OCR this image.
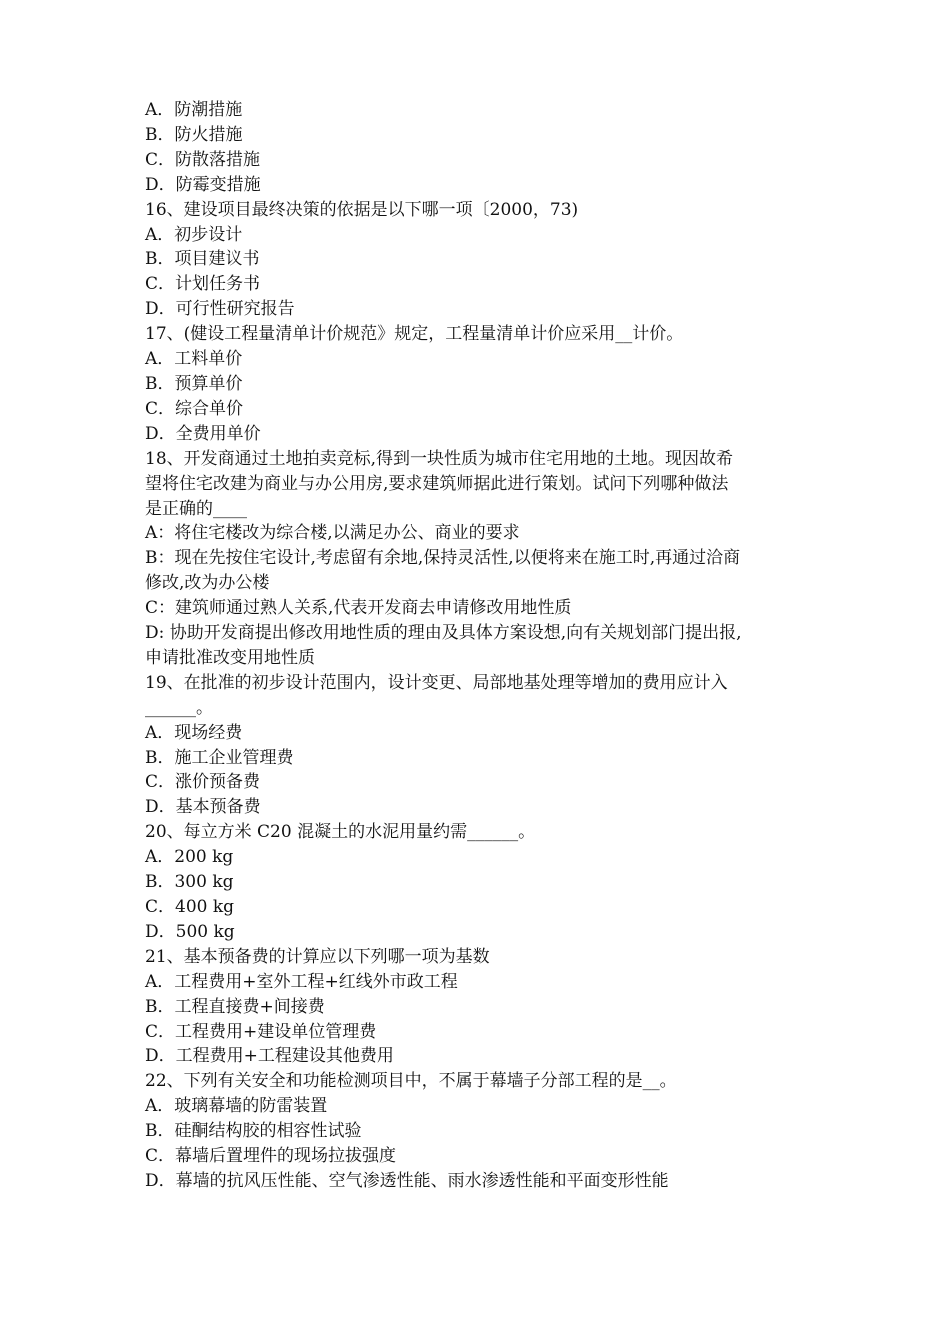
A．防潮措施

B．防火措施

C．防散落措施

D．防霉变措施

16、建设项目最终决策的依据是以下哪一项〔2000，73)

A．初步设计

B．项目建议书

C．计划任务书

D．可行性研究报告

17、(健设工程量清单计价规范》规定，工程量清单计价应采用__计价。

A．工料单价

B．预算单价

C．综合单价

D．全费用单价

18、开发商通过土地拍卖竞标,得到一块性质为城市住宅用地的土地。现因故希

望将住宅改建为商业与办公用房,要求建筑师据此进行策划。试问下列哪种做法

是正确的____

A：将住宅楼改为综合楼,以满足办公、商业的要求

B：现在先按住宅设计,考虑留有余地,保持灵活性,以便将来在施工时,再通过洽商

修改,改为办公楼

C：建筑师通过熟人关系,代表开发商去申请修改用地性质

D: 协助开发商提出修改用地性质的理由及具体方案设想,向有关规划部门提出报,

申请批准改变用地性质

19、在批准的初步设计范围内，设计变更、局部地基处理等增加的费用应计入

______。

A．现场经费

B．施工企业管理费

C．涨价预备费

D．基本预备费

20、每立方米 C20 混凝土的水泥用量约需______。

A．200 kg

B．300 kg

C．400 kg

D．500 kg

21、基本预备费的计算应以下列哪一项为基数

A．工程费用+室外工程+红线外市政工程

B．工程直接费+间接费

C．工程费用+建设单位管理费

D．工程费用+工程建设其他费用

22、下列有关安全和功能检测项目中，不属于幕墙子分部工程的是__。

A．玻璃幕墙的防雷装置

B．硅酮结构胶的相容性试验

C．幕墙后置埋件的现场拉拔强度

D．幕墙的抗风压性能、空气渗透性能、雨水渗透性能和平面变形性能
